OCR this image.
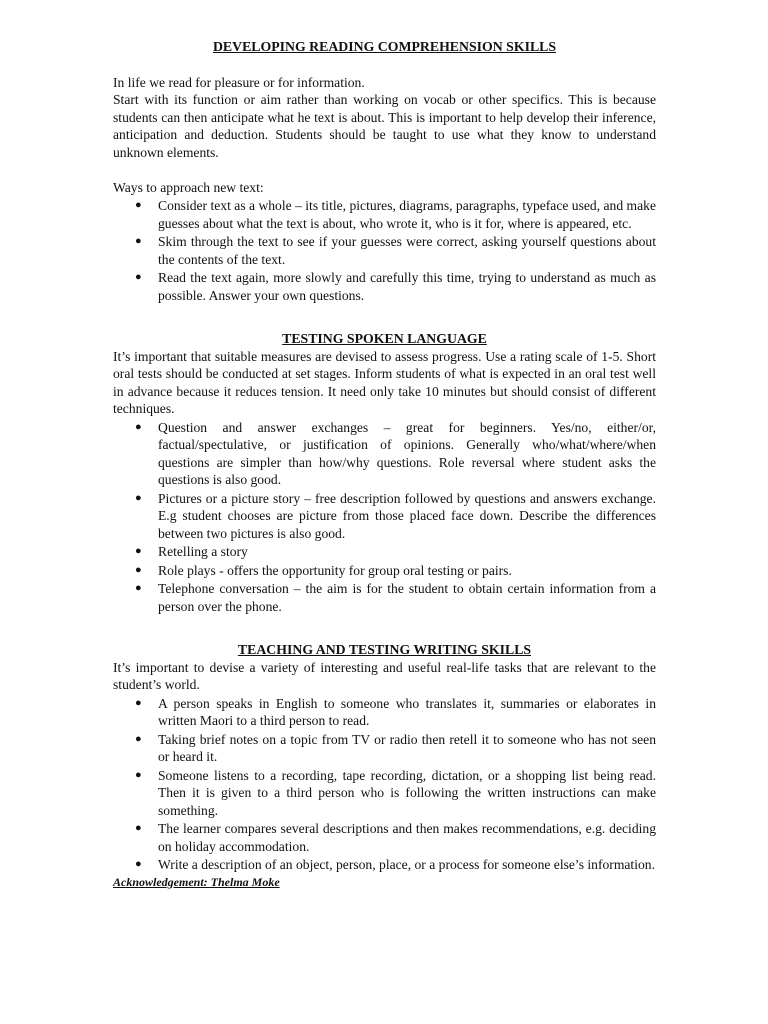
DEVELOPING READING COMPREHENSION SKILLS

In life we read for pleasure or for information.

Start with its function or aim rather than working on vocab or other specifics. This is because students can then anticipate what he text is about. This is important to help develop their inference, anticipation and deduction. Students should be taught to use what they know to understand unknown elements.

Ways to approach new text:

● Consider text as a whole – its title, pictures, diagrams, paragraphs, typeface used, and make guesses about what the text is about, who wrote it, who is it for, where is appeared, etc.
● Skim through the text to see if your guesses were correct, asking yourself questions about the contents of the text.
● Read the text again, more slowly and carefully this time, trying to understand as much as possible. Answer your own questions.
TESTING SPOKEN LANGUAGE

It’s important that suitable measures are devised to assess progress. Use a rating scale of 1-5. Short oral tests should be conducted at set stages. Inform students of what is expected in an oral test well in advance because it reduces tension. It need only take 10 minutes but should consist of different techniques.

● Question and answer exchanges – great for beginners. Yes/no, either/or, factual/spectulative, or justification of opinions. Generally who/what/where/when questions are simpler than how/why questions. Role reversal where student asks the questions is also good.
● Pictures or a picture story – free description followed by questions and answers exchange. E.g student chooses are picture from those placed face down. Describe the differences between two pictures is also good.
● Retelling a story
● Role plays - offers the opportunity for group oral testing or pairs.
● Telephone conversation – the aim is for the student to obtain certain information from a person over the phone.
TEACHING AND TESTING WRITING SKILLS

It’s important to devise a variety of interesting and useful real-life tasks that are relevant to the student’s world.

● A person speaks in English to someone who translates it, summaries or elaborates in written Maori to a third person to read.
● Taking brief notes on a topic from TV or radio then retell it to someone who has not seen or heard it.
● Someone listens to a recording, tape recording, dictation, or a shopping list being read. Then it is given to a third person who is following the written instructions can make something.
● The learner compares several descriptions and then makes recommendations, e.g. deciding on holiday accommodation.
● Write a description of an object, person, place, or a process for someone else’s information.

Acknowledgement: Thelma Moke
